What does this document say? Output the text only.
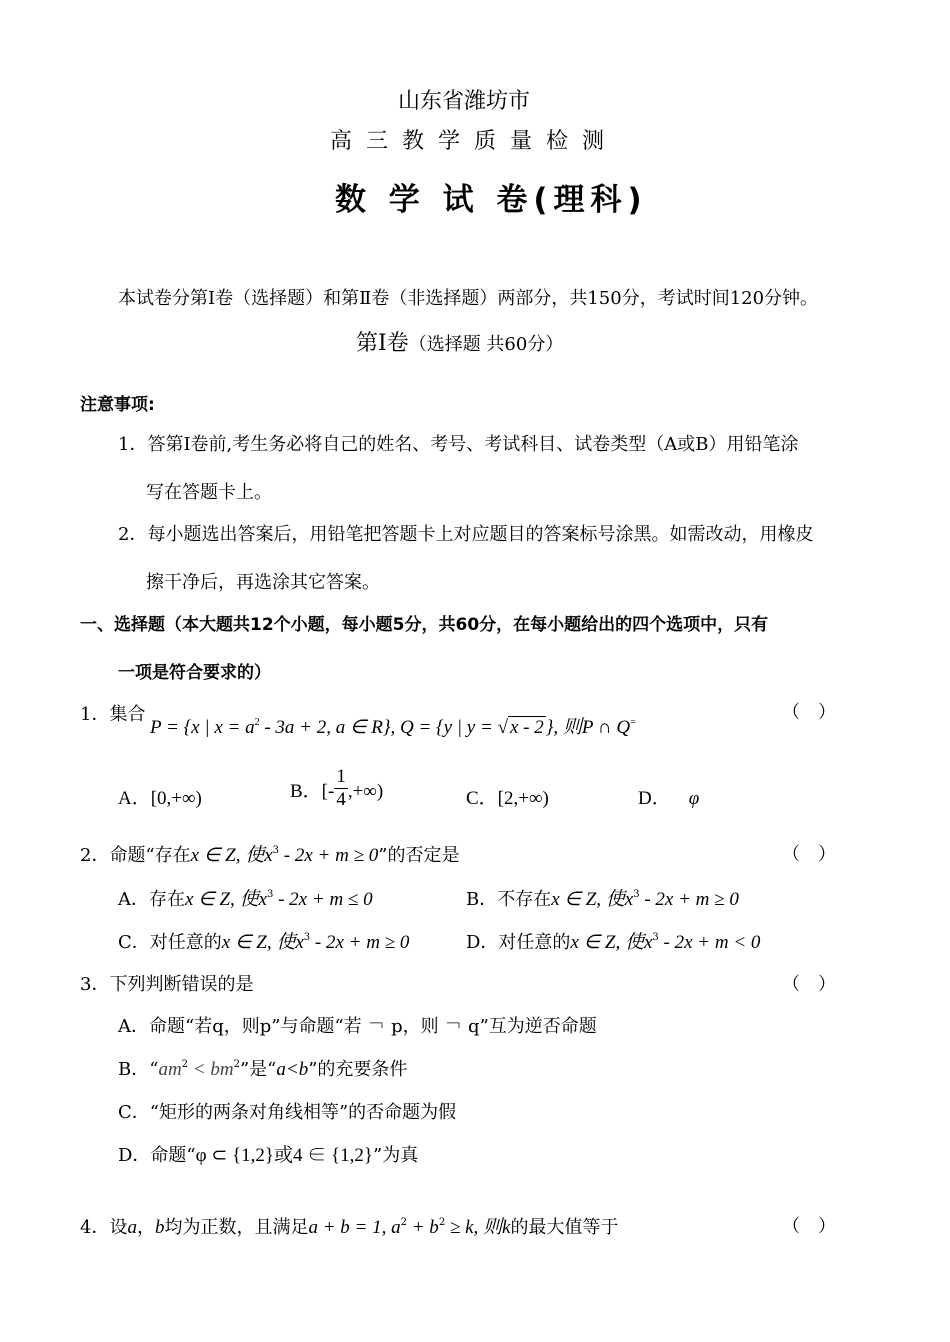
山东省潍坊市
高三教学质量检测
数 学 试 卷(理科)
本试卷分第Ⅰ卷（选择题）和第Ⅱ卷（非选择题）两部分，共150分，考试时间120分钟。
第Ⅰ卷（选择题 共60分）
注意事项:
1．答第Ⅰ卷前,考生务必将自己的姓名、考号、考试科目、试卷类型（A或B）用铅笔涂
写在答题卡上。
2．每小题选出答案后，用铅笔把答题卡上对应题目的答案标号涂黑。如需改动，用橡皮
擦干净后，再选涂其它答案。
一、选择题（本大题共12个小题，每小题5分，共60分，在每小题给出的四个选项中，只有
一项是符合要求的）
1．集合
P = {x | $x = a^2 - 3a + 2$, a ∈ R}, Q = {y | y = √ x - 2 }, 则P ∩ Q=	（　）
A．[0,+∞)	B．[- $\frac{1}{4}$ ,+∞)	C．[2,+∞)	D． φ
2．命题“存在x ∈ Z, 使$x^3 - 2x + m \ge 0$”的否定是	（　）
A．存在x ∈ Z, 使$x^3 - 2x + m \le 0$	B．不存在x ∈ Z, 使$x^3 - 2x + m \ge 0$
C．对任意的x ∈ Z, 使$x^3 - 2x + m \ge 0$	D．对任意的x ∈ Z, 使$x^3 - 2x + m < 0$
3．下列判断错误的是	（　）
A．命题“若q，则p”与命题“若 ￢ p，则 ￢ q”互为逆否命题
B．“$am^2 < bm^2$”是“a<b”的充要条件
C．“矩形的两条对角线相等”的否命题为假
D．命题“φ ⊂ {1,2}或4 ∈ {1,2}”为真
4．设a，b均为正数，且满足a + b = 1, $a^2 + b^2 \ge k$, 则k的最大值等于	（　）
